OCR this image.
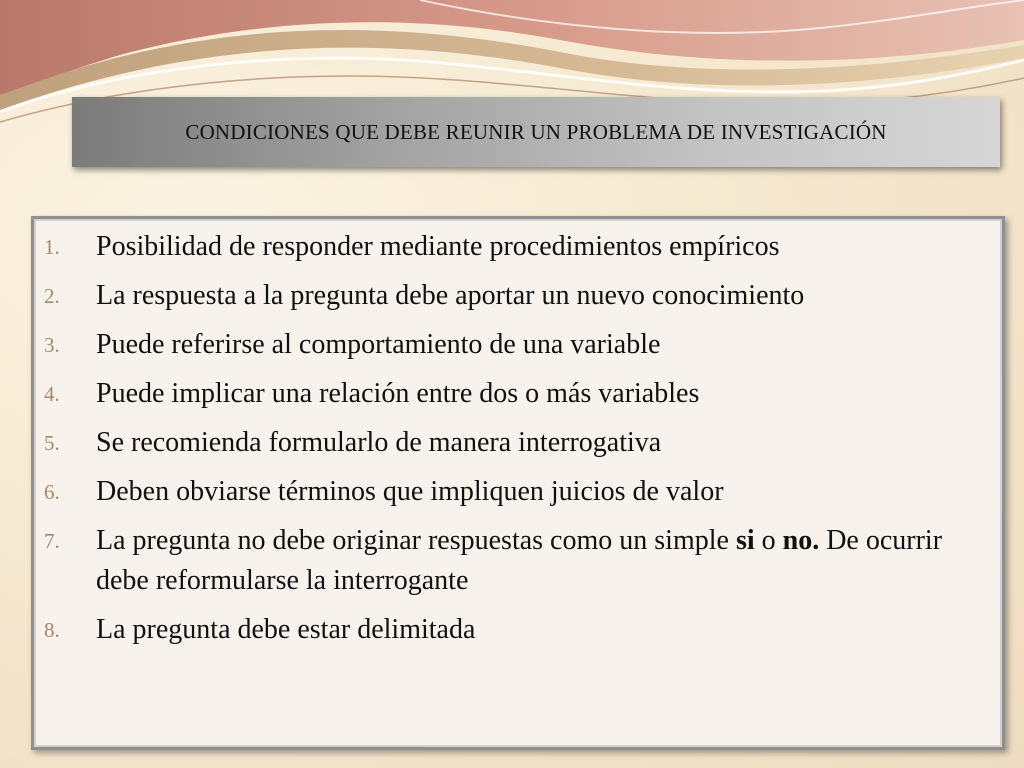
CONDICIONES QUE DEBE REUNIR UN PROBLEMA DE INVESTIGACIÓN
1.	Posibilidad de responder mediante procedimientos empíricos
2.	La respuesta a la pregunta debe aportar un nuevo conocimiento
3.	Puede referirse al comportamiento de una variable
4.	Puede implicar una relación entre dos o más variables
5.	Se recomienda formularlo de manera interrogativa
6.	Deben obviarse términos que impliquen juicios de valor
7.	La pregunta no debe originar respuestas como un simple si o no. De ocurrir debe reformularse la interrogante
8.	La pregunta debe estar delimitada
